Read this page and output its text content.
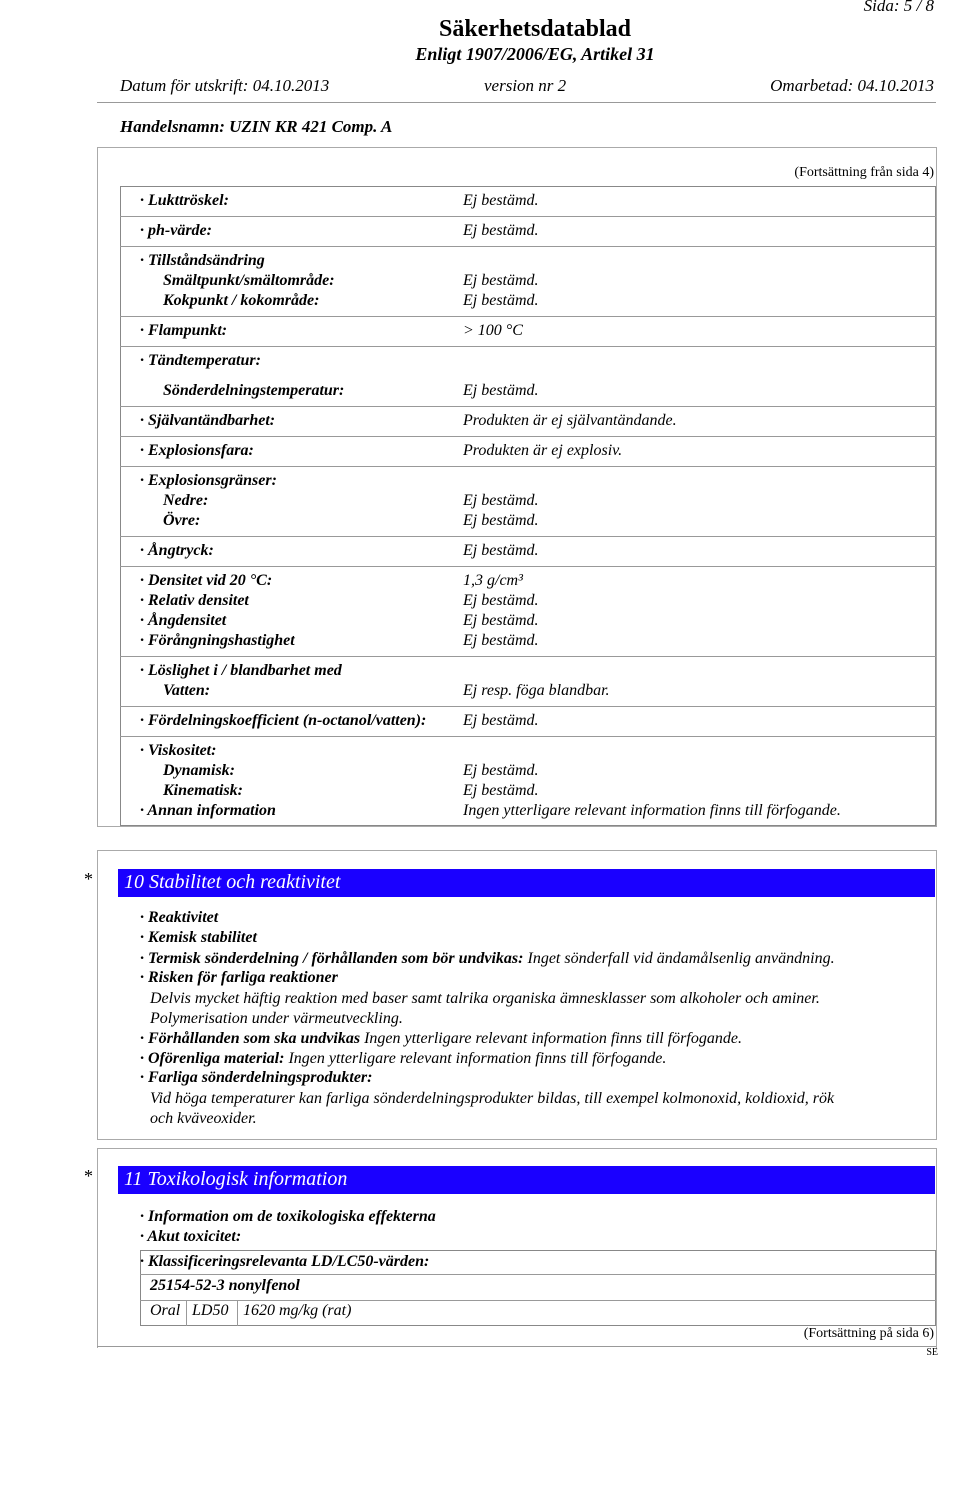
Sida: 5 / 8
Säkerhetsdatablad
Enligt 1907/2006/EG, Artikel 31
Datum för utskrift: 04.10.2013	version nr 2	Omarbetad: 04.10.2013
Handelsnamn: UZIN KR 421 Comp. A
(Fortsättning från sida 4)
· Lukttröskel:	Ej bestämd.
· ph-värde:	Ej bestämd.
· Tillståndsändring
Smältpunkt/smältområde:	Ej bestämd.
Kokpunkt / kokområde:	Ej bestämd.
· Flampunkt:	> 100 °C
· Tändtemperatur:
Sönderdelningstemperatur:	Ej bestämd.
· Självantändbarhet:	Produkten är ej självantändande.
· Explosionsfara:	Produkten är ej explosiv.
· Explosionsgränser:
Nedre:	Ej bestämd.
Övre:	Ej bestämd.
· Ångtryck:	Ej bestämd.
· Densitet vid 20 °C:	1,3 g/cm³
· Relativ densitet	Ej bestämd.
· Ångdensitet	Ej bestämd.
· Förångningshastighet	Ej bestämd.
· Löslighet i / blandbarhet med
Vatten:	Ej resp. föga blandbar.
· Fördelningskoefficient (n-octanol/vatten): Ej bestämd.
· Viskositet:
Dynamisk:	Ej bestämd.
Kinematisk:	Ej bestämd.
· Annan information	Ingen ytterligare relevant information finns till förfogande.
*	10 Stabilitet och reaktivitet
· Reaktivitet
· Kemisk stabilitet
· Termisk sönderdelning / förhållanden som bör undvikas: Inget sönderfall vid ändamålsenlig användning.
· Risken för farliga reaktioner
Delvis mycket häftig reaktion med baser samt talrika organiska ämnesklasser som alkoholer och aminer.
Polymerisation under värmeutveckling.
· Förhållanden som ska undvikas Ingen ytterligare relevant information finns till förfogande.
· Oförenliga material: Ingen ytterligare relevant information finns till förfogande.
· Farliga sönderdelningsprodukter:
Vid höga temperaturer kan farliga sönderdelningsprodukter bildas, till exempel kolmonoxid, koldioxid, rök
och kväveoxider.
*	11 Toxikologisk information
· Information om de toxikologiska effekterna
· Akut toxicitet:
· Klassificeringsrelevanta LD/LC50-värden:
25154-52-3 nonylfenol
Oral LD50 1620 mg/kg (rat)
(Fortsättning på sida 6)
SE
